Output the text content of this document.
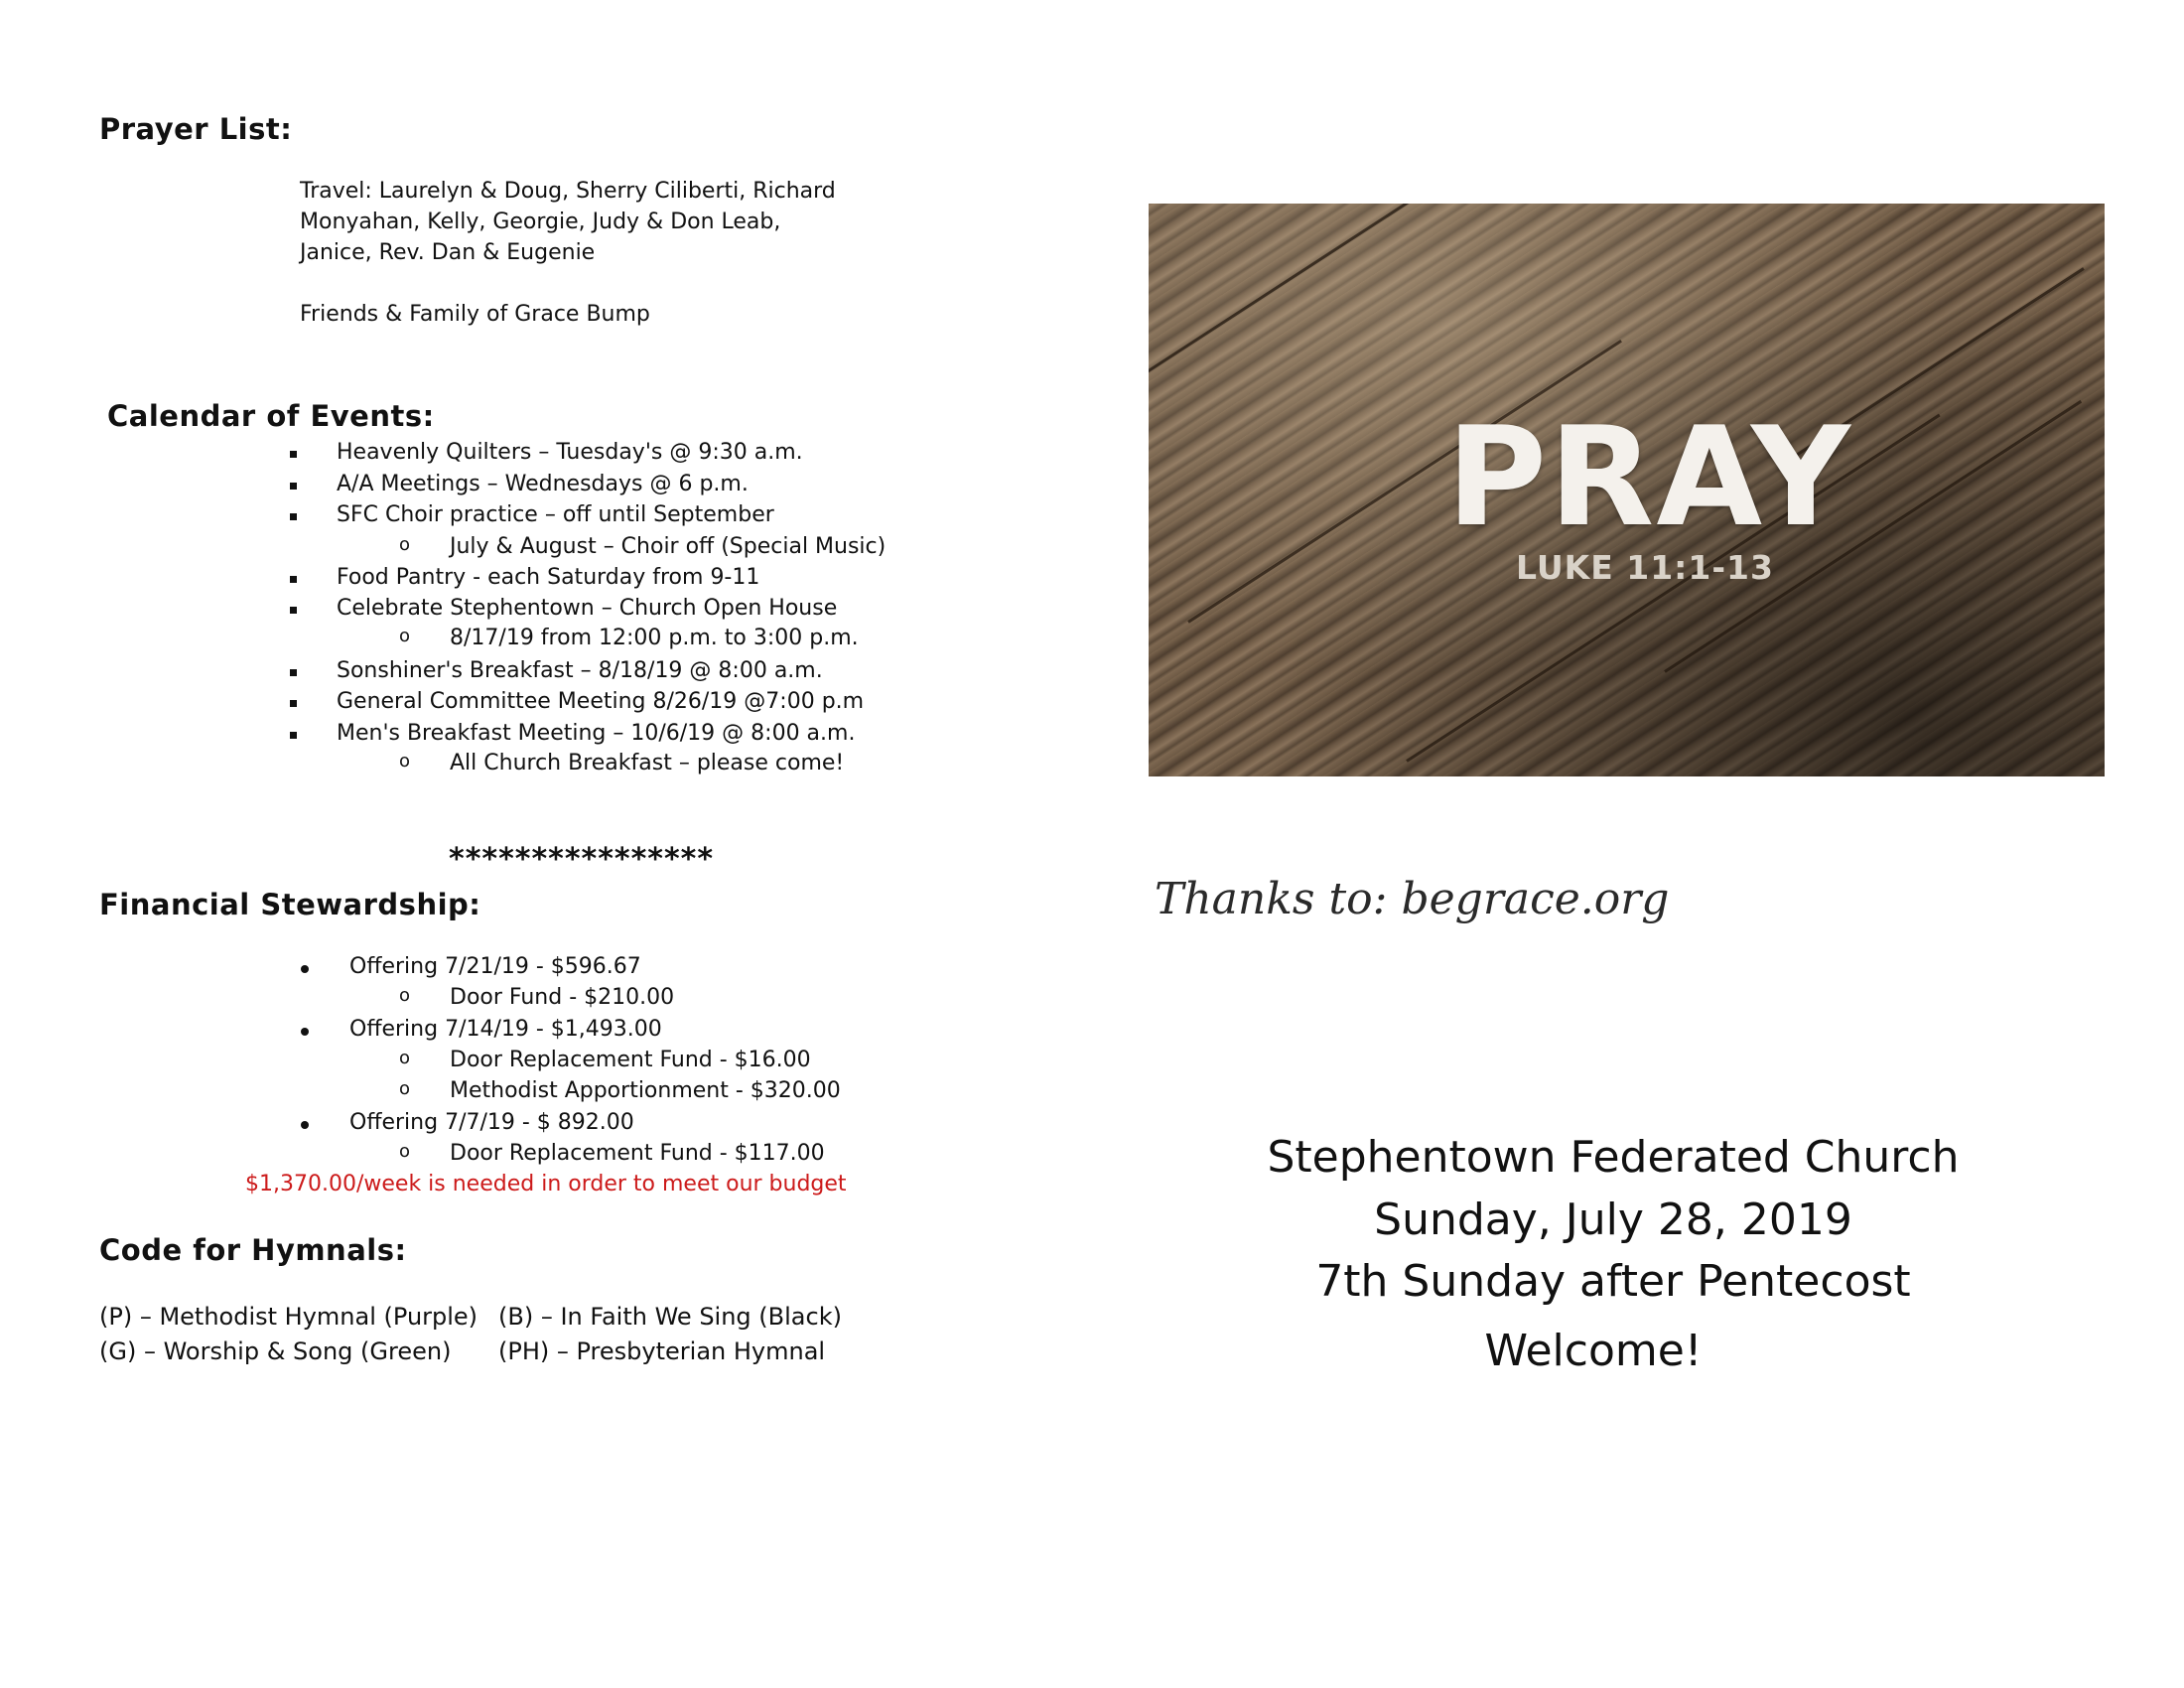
Prayer List:
Travel: Laurelyn & Doug, Sherry Ciliberti, Richard
Monyahan, Kelly, Georgie, Judy & Don Leab,
Janice, Rev. Dan & Eugenie
Friends & Family of Grace Bump
Calendar of Events:
Heavenly Quilters – Tuesday's @ 9:30 a.m.
A/A Meetings – Wednesdays @ 6 p.m.
SFC Choir practice – off until September
o July & August – Choir off (Special Music)
Food Pantry - each Saturday from 9-11
Celebrate Stephentown – Church Open House
o 8/17/19 from 12:00 p.m. to 3:00 p.m.
Sonshiner's Breakfast – 8/18/19 @ 8:00 a.m.
General Committee Meeting 8/26/19 @7:00 p.m
Men's Breakfast Meeting – 10/6/19 @ 8:00 a.m.
o All Church Breakfast – please come!
****************
Financial Stewardship:
Offering 7/21/19 - $596.67
o Door Fund - $210.00
Offering 7/14/19 - $1,493.00
o Door Replacement Fund - $16.00
o Methodist Apportionment - $320.00
Offering 7/7/19 - $ 892.00
o Door Replacement Fund - $117.00
$1,370.00/week is needed in order to meet our budget
Code for Hymnals:
(P) – Methodist Hymnal (Purple) (B) – In Faith We Sing (Black)
(G) – Worship & Song (Green) (PH) – Presbyterian Hymnal
PRAY
LUKE 11:1-13
Thanks to: begrace.org
Stephentown Federated Church
Sunday, July 28, 2019
7th Sunday after Pentecost
Welcome!
